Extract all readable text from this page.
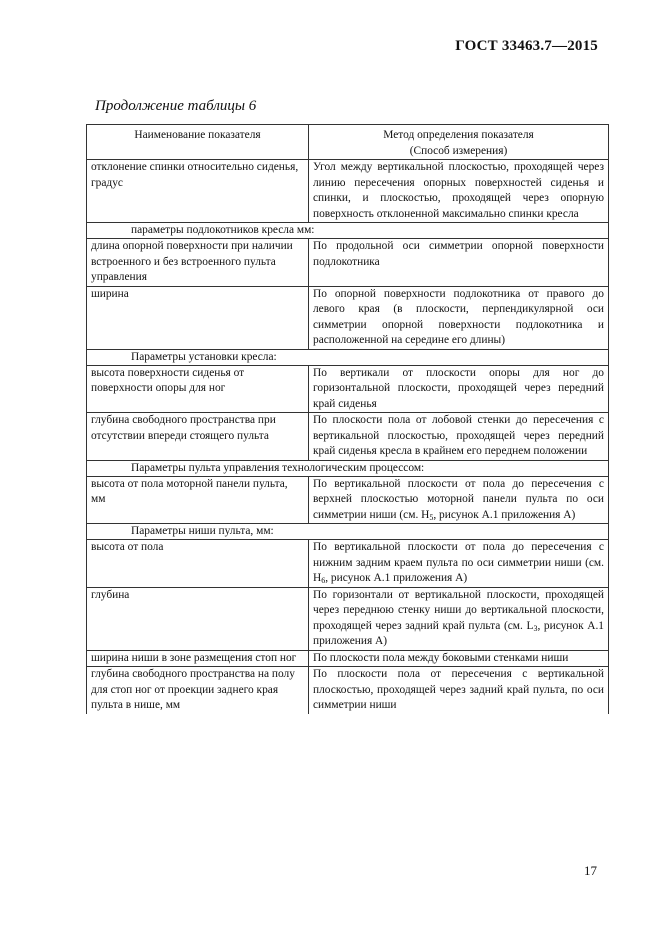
ГОСТ 33463.7—2015
Продолжение таблицы 6
Наименование показателя	Метод определения показателя
(Способ измерения)
отклонение спинки относительно сиденья, градус	Угол между вертикальной плоскостью, проходящей через линию пересечения опорных поверхностей сиденья и спинки, и плоскостью, проходящей через опорную поверхность отклоненной максимально спинки кресла
параметры подлокотников кресла мм:	
длина опорной поверхности при наличии встроенного и без встроенного пульта управления	По продольной оси симметрии опорной поверхности подлокотника
ширина	По опорной поверхности подлокотника от правого до левого края (в плоскости, перпендикулярной оси симметрии опорной поверхности подлокотника и расположенной на середине его длины)
Параметры установки кресла:	
высота поверхности сиденья от поверхности опоры для ног	По вертикали от плоскости опоры для ног до горизонтальной плоскости, проходящей через передний край сиденья
глубина свободного пространства при отсутствии впереди стоящего пульта	По плоскости пола от лобовой стенки до пересечения с вертикальной плоскостью, проходящей через передний край сиденья кресла в крайнем его переднем положении
Параметры пульта управления технологическим процессом:	
высота от пола моторной панели пульта, мм	По вертикальной плоскости от пола до пересечения с верхней плоскостью моторной панели пульта по оси симметрии ниши (см. $H_5$, рисунок А.1 приложения А)
Параметры ниши пульта, мм:	
высота от пола	По вертикальной плоскости от пола до пересечения с нижним задним краем пульта по оси симметрии ниши (см. $H_6$, рисунок А.1 приложения А)
глубина	По горизонтали от вертикальной плоскости, проходящей через переднюю стенку ниши до вертикальной плоскости, проходящей через задний край пульта (см. $L_3$, рисунок А.1 приложения А)
ширина ниши в зоне размещения стоп ног	По плоскости пола между боковыми стенками ниши
глубина свободного пространства на полу для стоп ног от проекции заднего края пульта в нише, мм	По плоскости пола от пересечения с вертикальной плоскостью, проходящей через задний край пульта, по оси симметрии ниши
17
